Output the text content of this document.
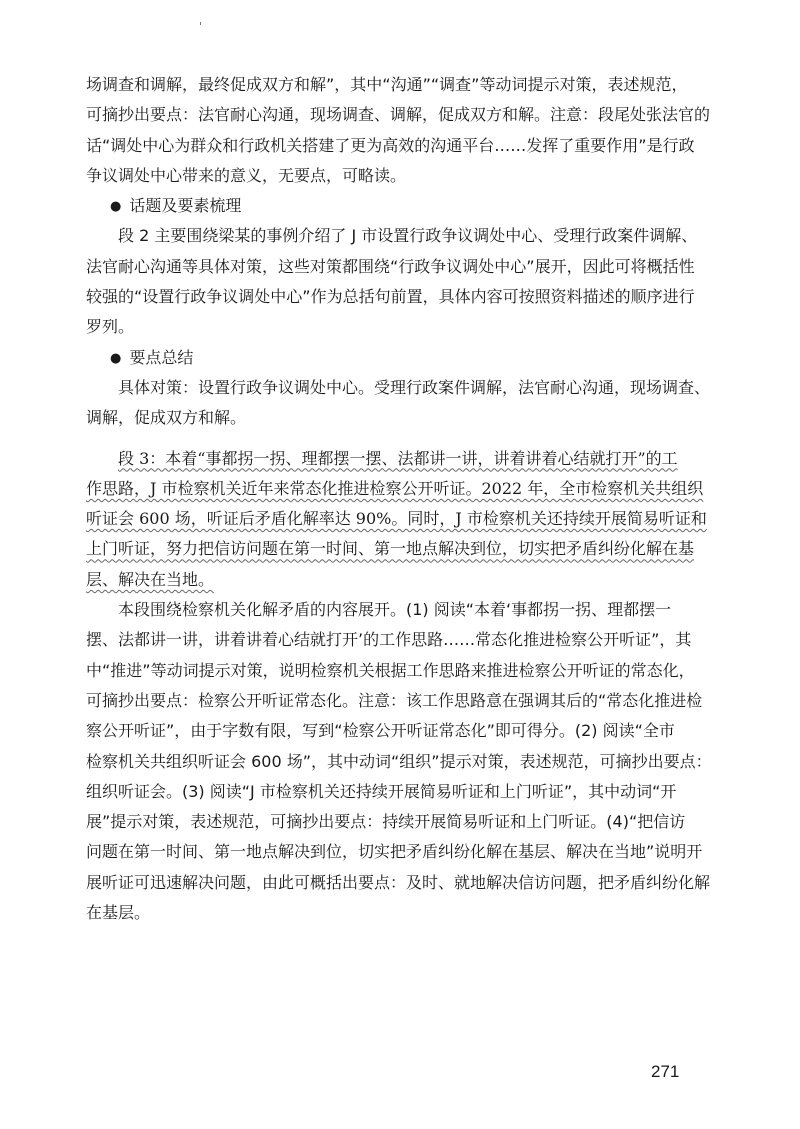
场调查和调解，最终促成双方和解”，其中“沟通”“调查”等动词提示对策，表述规范，
可摘抄出要点：法官耐心沟通，现场调查、调解，促成双方和解。注意：段尾处张法官的
话“调处中心为群众和行政机关搭建了更为高效的沟通平台……发挥了重要作用”是行政
争议调处中心带来的意义，无要点，可略读。
● 话题及要素梳理
段 2 主要围绕梁某的事例介绍了 J 市设置行政争议调处中心、受理行政案件调解、
法官耐心沟通等具体对策，这些对策都围绕“行政争议调处中心”展开，因此可将概括性
较强的“设置行政争议调处中心”作为总括句前置，具体内容可按照资料描述的顺序进行
罗列。
● 要点总结
具体对策：设置行政争议调处中心。受理行政案件调解，法官耐心沟通，现场调查、
调解，促成双方和解。
段 3：本着“事都拐一拐、理都摆一摆、法都讲一讲，讲着讲着心结就打开”的工
作思路，J 市检察机关近年来常态化推进检察公开听证。2022 年，全市检察机关共组织
听证会 600 场，听证后矛盾化解率达 90%。同时，J 市检察机关还持续开展简易听证和
上门听证，努力把信访问题在第一时间、第一地点解决到位，切实把矛盾纠纷化解在基
层、解决在当地。
本段围绕检察机关化解矛盾的内容展开。(1) 阅读“本着‘事都拐一拐、理都摆一
摆、法都讲一讲，讲着讲着心结就打开’的工作思路……常态化推进检察公开听证”，其
中“推进”等动词提示对策，说明检察机关根据工作思路来推进检察公开听证的常态化，
可摘抄出要点：检察公开听证常态化。注意：该工作思路意在强调其后的“常态化推进检
察公开听证”，由于字数有限，写到“检察公开听证常态化”即可得分。(2) 阅读“全市
检察机关共组织听证会 600 场”，其中动词“组织”提示对策，表述规范，可摘抄出要点：
组织听证会。(3) 阅读“J 市检察机关还持续开展简易听证和上门听证”，其中动词“开
展”提示对策，表述规范，可摘抄出要点：持续开展简易听证和上门听证。(4)“把信访
问题在第一时间、第一地点解决到位，切实把矛盾纠纷化解在基层、解决在当地”说明开
展听证可迅速解决问题，由此可概括出要点：及时、就地解决信访问题，把矛盾纠纷化解
在基层。
271
